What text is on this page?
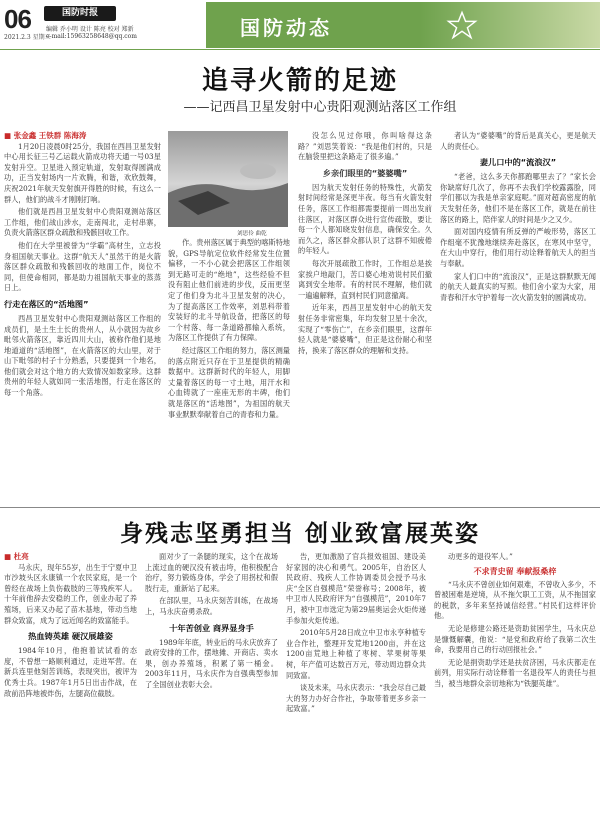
06
2021.2.3 星期三
国防时报
编辑 乔小明 设计 陈亮 校对 郑新
e-mail:15963258648@qq.com	国防动态
追寻火箭的足迹
——记西昌卫星发射中心贵阳观测站落区工作组
■ 张金鑫 王铁群 陈海涛

1月20日凌晨0时25分，我国在西昌卫星发射中心用长征三号乙运载火箭成功将天通一号03星发射升空。卫星进入预定轨道，发射取得圆满成功，正当发射场内一片欢腾，和谐，欢欣鼓舞，庆祝2021年航天发射旗开得胜的时候，有这么一群人，他们的战斗才刚刚打响。

他们就是西昌卫星发射中心贵阳观测站落区工作组，他们战山涉水，走南闯北，走村串寨，负责火箭落区群众疏散和残骸回收工作。

他们在大学里被誉为“学霸”高材生，立志投身祖国航天事业。这群“航天人”虽然干的是火箭落区群众疏散和残骸回收的地面工作，岗位不同，但使命相同，都是助力祖国航天事业的蒸蒸日上。

行走在落区的“活地图”

西昌卫星发射中心贵阳观测站落区工作组的成员们，是土生土长的贵州人，从小就因为故乡毗邻火箭落区，靠近四川大山，被称作他们是地地道道的“活地图”，在火箭落区的大山里，对于山下毗邻的村子十分熟悉，只要提到一个地名，他们就会对这个地方的大致情况如数家珍。这群贵州的年轻人就如同一张活地图，行走在落区的每一个角落。

刘思伶 曲乾

作。贵州落区属于典型的喀斯特地貌，GPS导航定位软件经常发生位置偏移，一不小心就会把落区工作组领到无路可走的“绝地”，这些经验不但没有阻止他们前进的步伐，反而更坚定了他们身为北斗卫星发射的决心，为了提高落区工作效率，刘思科带着安装好的北斗导航设备，把落区的每一个村落、每一条道路都输入系统，为落区工作提供了有力保障。

经过落区工作组的努力，落区测量的落点附近只存在于卫星提供的精确数据中。这群新时代的年轻人，用脚丈量着落区的每一寸土地，用汗水和心血铸就了一座座无形的丰碑，他们就是落区的“活地图”，为祖国的航天事业默默奉献着自己的青春和力量。

没怎么见过你哦，你叫啥得这条路？”刘思笑着说：“我是他们村的，只是在脑袋里把这条路走了很多遍。”

乡亲们眼里的“婆婆嘴”

因为航天发射任务的特殊性，火箭发射时间经常是深更半夜。每当有火箭发射任务，落区工作组都需要提前一周出发前往落区，对落区群众进行宣传疏散，要让每一个人都知晓发射信息，确保安全。久而久之，落区群众都认识了这群不知疲倦的年轻人。

每次开展疏散工作时，工作组总是挨家挨户地敲门，苦口婆心地劝说村民们撤离到安全地带。有的村民不理解，他们就一遍遍解释，直到村民们同意撤离。

近年来，西昌卫星发射中心的航天发射任务非常密集，年均发射卫星十余次，实现了“零伤亡”，在乡亲们眼里，这群年轻人就是“婆婆嘴”，但正是这份耐心和坚持，换来了落区群众的理解和支持。

者认为“婆婆嘴”的背后是真关心，更是航天人的责任心。

妻儿口中的“流浪汉”

“老爸，这么多天你都跑哪里去了？”家长会你缺席好几次了，你再不去我们学校露露脸，同学们都以为我是单亲家庭呢。”面对超高密度的航天发射任务，他们不是在落区工作，就是在前往落区的路上，陪伴家人的时间是少之又少。

面对国内疫情有所反弹的严峻形势，落区工作组毫不犹豫地继续奔赴落区，在寒风中坚守，在大山中穿行，他们用行动诠释着航天人的担当与奉献。

家人们口中的“流浪汉”，正是这群默默无闻的航天人最真实的写照。他们舍小家为大家，用青春和汗水守护着每一次火箭发射的圆满成功。

身残志坚勇担当 创业致富展英姿
■ 杜亮

马永庆，现年55岁，出生于宁夏中卫市沙坡头区永康镇一个农民家庭，是一个曾经在战场上负伤截肢的三等残疾军人。十年前他辞去安稳的工作，创业办起了养殖场，后来又办起了苗木基地，带动当地群众致富，成为了远近闻名的致富能手。

热血铸英雄 硬汉展雄姿

1984年10月，他抱着试试看的态度，不曾想一路顺利通过，走进军营。在新兵连里他刻苦训练，表现突出，被评为优秀士兵。1987年1月5日出击作战，在敌前沿阵地被炸伤，左腿高位截肢。

面对少了一条腿的现实，这个在战场上流过血的硬汉没有被击垮，他积极配合治疗，努力锻炼身体，学会了用拐杖和假肢行走，重新站了起来。

在部队里，马永庆刻苦训练，在战场上，马永庆奋勇杀敌。

十年苦创业 商界显身手

1989年年底，转业后的马永庆放弃了政府安排的工作，摆地摊、开商店、卖水果，创办养殖场，积累了第一桶金。2003年11月，马永庆作为自强典型参加了全国创业表彰大会。

告，更加激励了官兵报效祖国、建设美好家园的决心和勇气。2005年，自治区人民政府、残疾人工作协调委员会授予马永庆“全区自强模范”荣誉称号；2008年，被中卫市人民政府评为“自强模范”，2010年7月，被中卫市选定为第29届奥运会火炬传递手参加火炬传递。

2010年5月28日成立中卫市永亨种植专业合作社，整理开发荒地1200亩，并在这1200亩荒地上种植了枣树、苹果树等果树，年产值可达数百万元，带动周边群众共同致富。

谈及未来，马永庆表示：“我会尽自己最大的努力办好合作社，争取带着更多乡亲一起致富。”

动更多的退役军人。”

不求青史留 奉献报桑梓

“马永庆不曾创业如何艰难，不曾收入多少，不曾被困难是逆境，从不拖欠职工工资，从不拖国家的税款，多年来坚持诚信经营。”村民们这样评价他。

无论是修建公路还是资助贫困学生，马永庆总是慷慨解囊，他说：“是党和政府给了我第二次生命，我要用自己的行动回报社会。”

无论是捐资助学还是扶贫济困，马永庆都走在前列，用实际行动诠释着一名退役军人的责任与担当，被当地群众亲切地称为“铁腿英雄”。
